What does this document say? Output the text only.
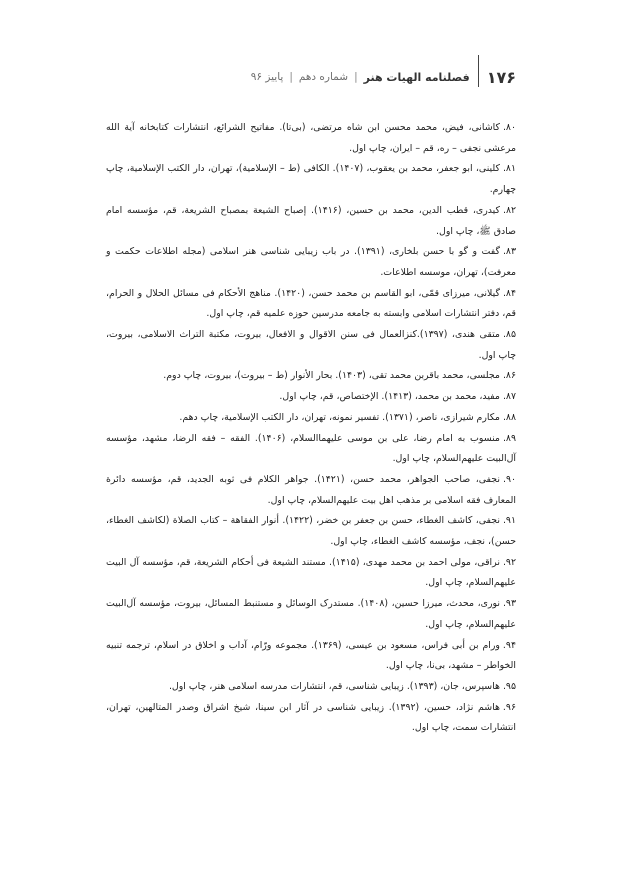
۱۷۶
فصلنامه الهیات هنر
|
شماره دهم
|
پاییز ۹۶
۸۰.کاشانی، فیض، محمد محسن ابن شاه مرتضی، (بی‌تا). مفاتیح الشرائع، انتشارات کتابخانه آیة الله مرعشی نجفی – ره، قم – ایران، چاپ اول.
۸۱.کلینی، ابو جعفر، محمد بن یعقوب، (۱۴۰۷). الکافی (ط – الإسلامیة)، تهران، دار الکتب الإسلامیة، چاپ چهارم.
۸۲.کیدری، قطب الدین، محمد بن حسین، (۱۴۱۶). إصباح الشیعة بمصباح الشریعة، قم، مؤسسه امام صادق ﷺ، چاپ اول.
۸۳.گفت و گو با حسن بلخاری، (۱۳۹۱). در باب زیبایی شناسی هنر اسلامی (مجله اطلاعات حکمت و معرفت)، تهران، موسسه اطلاعات.
۸۴.گیلانی، میرزای قمّی، ابو القاسم بن محمد حسن، (۱۴۲۰). مناهج الأحکام فی مسائل الحلال و الحرام، قم، دفتر انتشارات اسلامی وابسته به جامعه مدرسین حوزه علمیه قم، چاپ اول.
۸۵.متقی هندی، (۱۳۹۷).کنزالعمال فی سنن الاقوال و الافعال، بیروت، مکتبة التراث الاسلامی، بیروت، چاپ اول.
۸۶.مجلسی، محمد باقربن محمد تقی، (۱۴۰۳). بحار الأنوار (ط – بیروت)، بیروت، چاپ دوم.
۸۷.مفید، محمد بن محمد، (۱۴۱۳). الإختصاص، قم، چاپ اول.
۸۸.مکارم شیرازی، ناصر، (۱۳۷۱). تفسیر نمونه، تهران، دار الکتب الإسلامیة، چاپ دهم.
۸۹.منسوب به امام رضا، علی بن موسی علیهماالسلام، (۱۴۰۶). الفقه – فقه الرضا، مشهد، مؤسسه آل‌البیت علیهم‌السلام، چاپ اول.
۹۰.نجفی، صاحب الجواهر، محمد حسن، (۱۴۲۱). جواهر الکلام فی ثوبه الجدید، قم، مؤسسه دائرة المعارف فقه اسلامی بر مذهب اهل بیت علیهم‌السلام، چاپ اول.
۹۱.نجفی، کاشف الغطاء، حسن بن جعفر بن خضر، (۱۴۲۲). أنوار الفقاهة – کتاب الصلاة (لکاشف الغطاء، حسن)، نجف، مؤسسه کاشف الغطاء، چاپ اول.
۹۲.نراقی، مولی احمد بن محمد مهدی، (۱۴۱۵). مستند الشیعة فی أحکام الشریعة، قم، مؤسسه آل البیت علیهم‌السلام، چاپ اول.
۹۳.نوری، محدث، میرزا حسین، (۱۴۰۸). مستدرک الوسائل و مستنبط المسائل، بیروت، مؤسسه آل‌البیت علیهم‌السلام، چاپ اول.
۹۴.ورام بن أبی فراس، مسعود بن عیسی، (۱۳۶۹). مجموعه ورّام، آداب و اخلاق در اسلام، ترجمه تنبیه الخواطر – مشهد، بی‌نا، چاپ اول.
۹۵.هاسپرس، جان، (۱۳۹۳). زیبایی شناسی، قم، انتشارات مدرسه اسلامی هنر، چاپ اول.
۹۶.هاشم نژاد، حسین، (۱۳۹۲). زیبایی شناسی در آثار ابن سینا، شیخ اشراق وصدر المتالهین، تهران، انتشارات سمت، چاپ اول.
